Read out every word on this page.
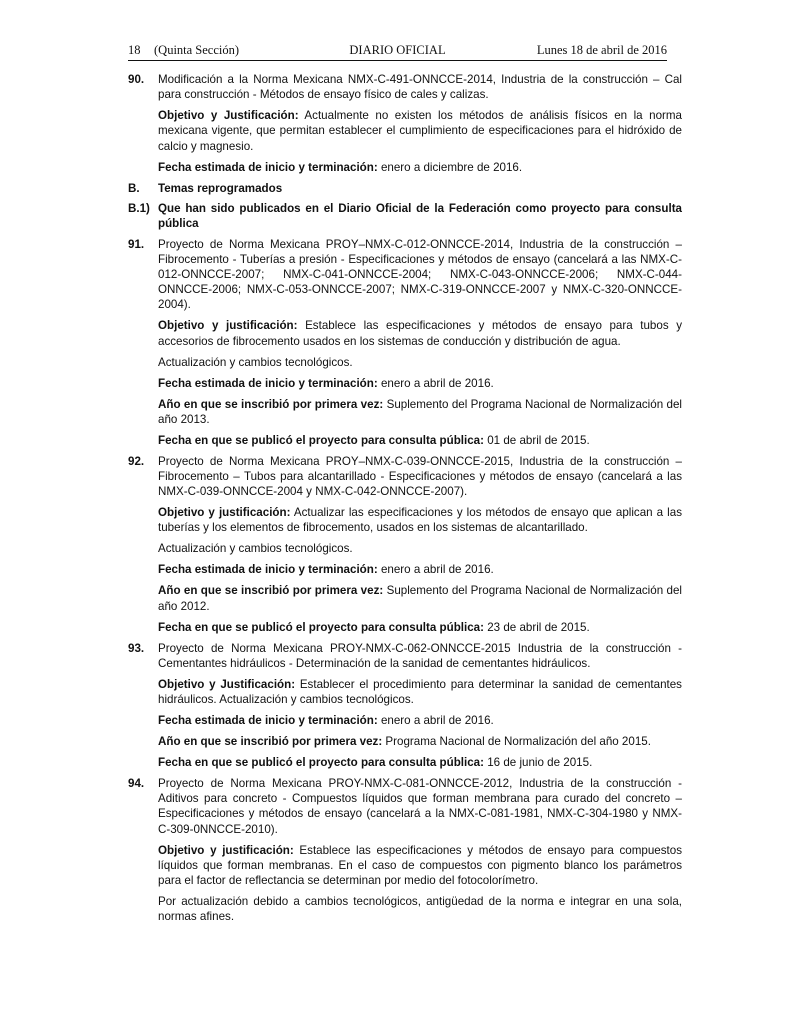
18 (Quinta Sección)	DIARIO OFICIAL	Lunes 18 de abril de 2016
90.	Modificación a la Norma Mexicana NMX-C-491-ONNCCE-2014, Industria de la construcción – Cal para construcción - Métodos de ensayo físico de cales y calizas.
Objetivo y Justificación: Actualmente no existen los métodos de análisis físicos en la norma mexicana vigente, que permitan establecer el cumplimiento de especificaciones para el hidróxido de calcio y magnesio.
Fecha estimada de inicio y terminación: enero a diciembre de 2016.
B.	Temas reprogramados
B.1) Que han sido publicados en el Diario Oficial de la Federación como proyecto para consulta pública
91.	Proyecto de Norma Mexicana PROY–NMX-C-012-ONNCCE-2014, Industria de la construcción – Fibrocemento - Tuberías a presión - Especificaciones y métodos de ensayo (cancelará a las NMX-C-012-ONNCCE-2007; NMX-C-041-ONNCCE-2004; NMX-C-043-ONNCCE-2006; NMX-C-044-ONNCCE-2006; NMX-C-053-ONNCCE-2007; NMX-C-319-ONNCCE-2007 y NMX-C-320-ONNCCE-2004).
Objetivo y justificación: Establece las especificaciones y métodos de ensayo para tubos y accesorios de fibrocemento usados en los sistemas de conducción y distribución de agua.
Actualización y cambios tecnológicos.
Fecha estimada de inicio y terminación: enero a abril de 2016.
Año en que se inscribió por primera vez: Suplemento del Programa Nacional de Normalización del año 2013.
Fecha en que se publicó el proyecto para consulta pública: 01 de abril de 2015.
92.	Proyecto de Norma Mexicana PROY–NMX-C-039-ONNCCE-2015, Industria de la construcción – Fibrocemento – Tubos para alcantarillado - Especificaciones y métodos de ensayo (cancelará a las NMX-C-039-ONNCCE-2004 y NMX-C-042-ONNCCE-2007).
Objetivo y justificación: Actualizar las especificaciones y los métodos de ensayo que aplican a las tuberías y los elementos de fibrocemento, usados en los sistemas de alcantarillado.
Actualización y cambios tecnológicos.
Fecha estimada de inicio y terminación: enero a abril de 2016.
Año en que se inscribió por primera vez: Suplemento del Programa Nacional de Normalización del año 2012.
Fecha en que se publicó el proyecto para consulta pública: 23 de abril de 2015.
93.	Proyecto de Norma Mexicana PROY-NMX-C-062-ONNCCE-2015 Industria de la construcción - Cementantes hidráulicos - Determinación de la sanidad de cementantes hidráulicos.
Objetivo y Justificación: Establecer el procedimiento para determinar la sanidad de cementantes hidráulicos. Actualización y cambios tecnológicos.
Fecha estimada de inicio y terminación: enero a abril de 2016.
Año en que se inscribió por primera vez: Programa Nacional de Normalización del año 2015.
Fecha en que se publicó el proyecto para consulta pública: 16 de junio de 2015.
94.	Proyecto de Norma Mexicana PROY-NMX-C-081-ONNCCE-2012, Industria de la construcción - Aditivos para concreto - Compuestos líquidos que forman membrana para curado del concreto – Especificaciones y métodos de ensayo (cancelará a la NMX-C-081-1981, NMX-C-304-1980 y NMX-C-309-0NNCCE-2010).
Objetivo y justificación: Establece las especificaciones y métodos de ensayo para compuestos líquidos que forman membranas. En el caso de compuestos con pigmento blanco los parámetros para el factor de reflectancia se determinan por medio del fotocolorímetro.
Por actualización debido a cambios tecnológicos, antigüedad de la norma e integrar en una sola, normas afines.
